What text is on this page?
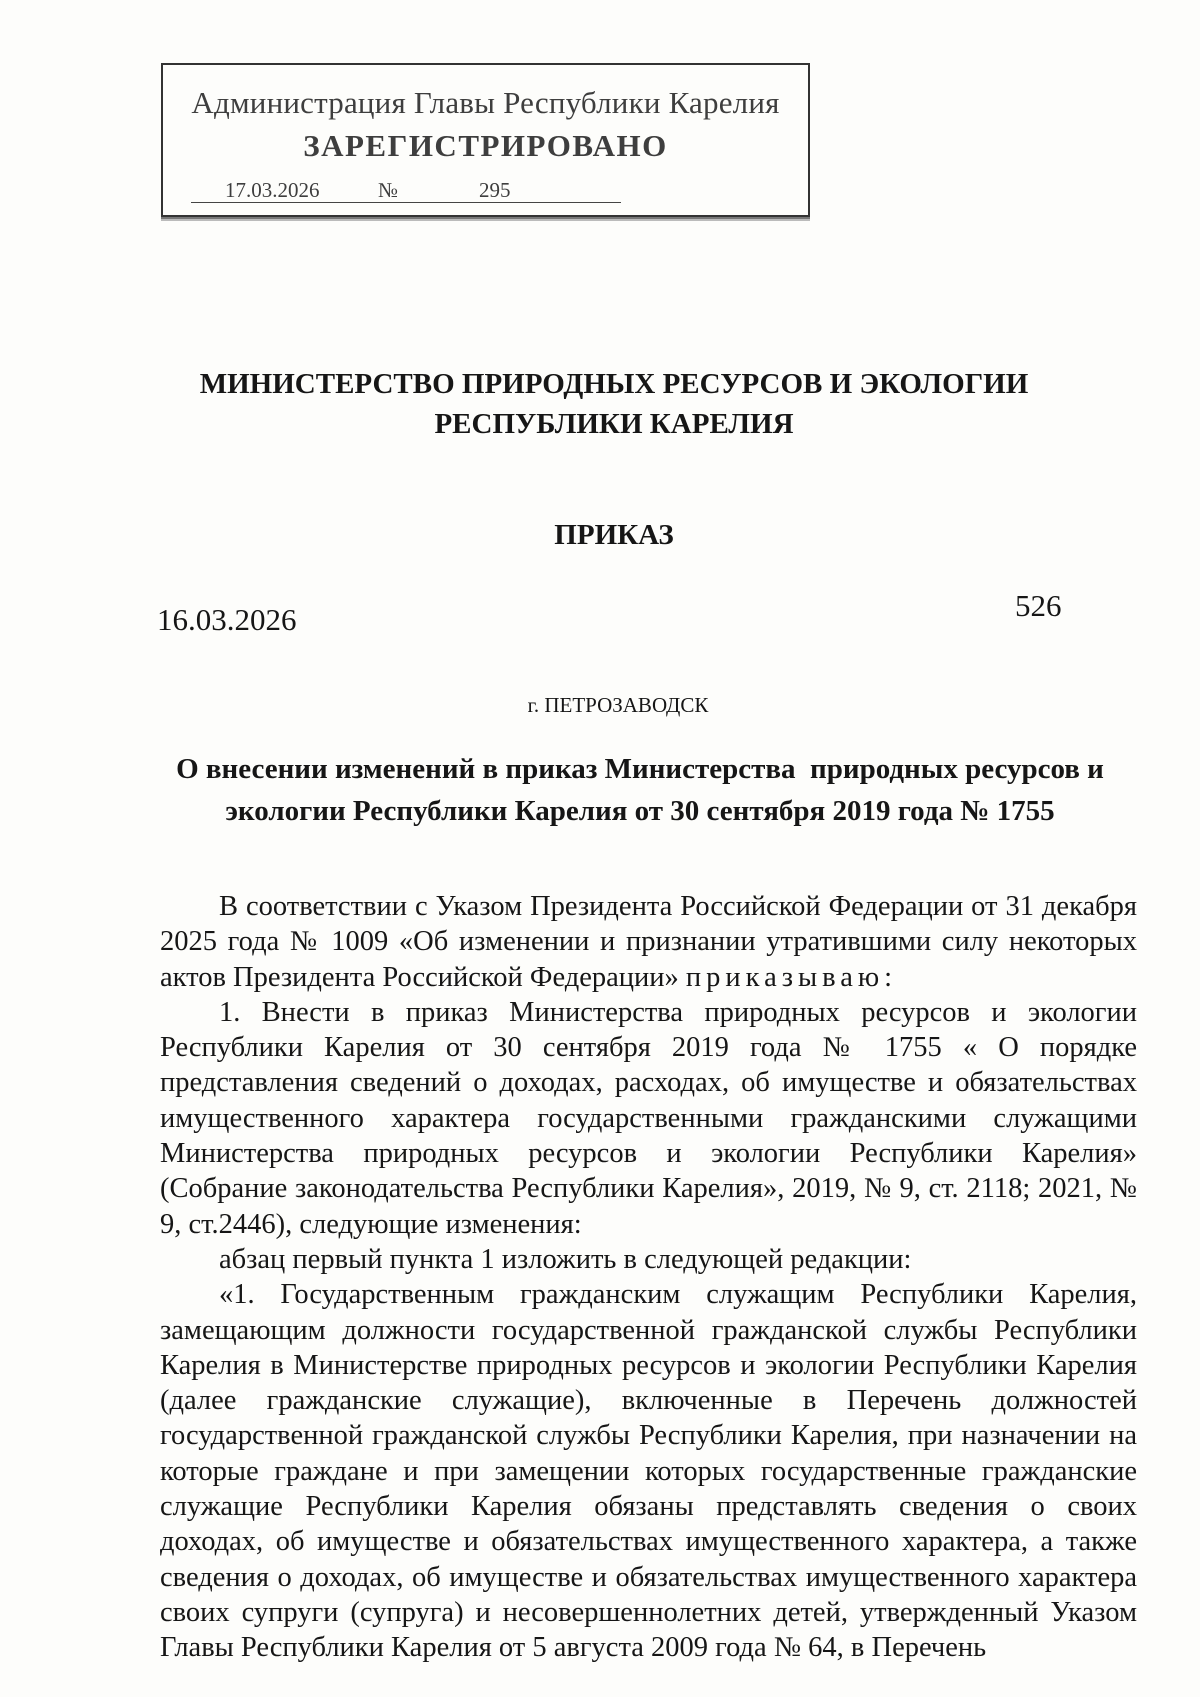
Администрация Главы Республики Карелия
ЗАРЕГИСТРИРОВАНО

17.03.2026

	№

	295

МИНИСТЕРСТВО ПРИРОДНЫХ РЕСУРСОВ И ЭКОЛОГИИ
РЕСПУБЛИКИ КАРЕЛИЯ
ПРИКАЗ
16.03.2026	526
г. ПЕТРОЗАВОДСК
О внесении изменений в приказ Министерства  природных ресурсов и
экологии Республики Карелия от 30 сентября 2019 года № 1755

В соответствии с Указом Президента Российской Федерации от 31 декабря 2025 года № 1009 «Об изменении и признании утратившими силу некоторых актов Президента Российской Федерации» приказываю:

1. Внести в приказ Министерства природных ресурсов и экологии Республики Карелия от 30 сентября 2019 года № 1755 « О порядке представления сведений о доходах, расходах, об имуществе и обязательствах имущественного характера государственными гражданскими служащими Министерства природных ресурсов и экологии Республики Карелия» (Собрание законодательства Республики Карелия», 2019, № 9, ст. 2118; 2021, № 9, ст.2446), следующие изменения:

абзац первый пункта 1 изложить в следующей редакции:

«1. Государственным гражданским служащим Республики Карелия, замещающим должности государственной гражданской службы Республики Карелия в Министерстве природных ресурсов и экологии Республики Карелия (далее гражданские служащие), включенные в Перечень должностей государственной гражданской службы Республики Карелия, при назначении на которые граждане и при замещении которых государственные гражданские служащие Республики Карелия обязаны представлять сведения о своих доходах, об имуществе и обязательствах имущественного характера, а также сведения о доходах, об имуществе и обязательствах имущественного характера своих супруги (супруга) и несовершеннолетних детей, утвержденный Указом Главы Республики Карелия от 5 августа 2009 года № 64, в Перечень
